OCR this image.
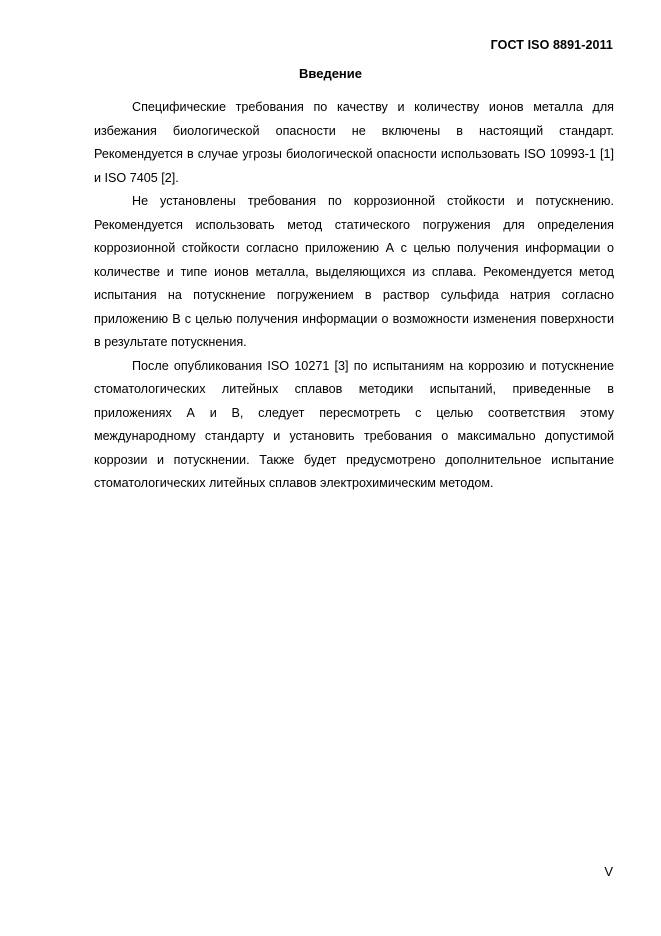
ГОСТ ISO 8891-2011
Введение

Специфические требования по качеству и количеству ионов металла для избежания биологической опасности не включены в настоящий стандарт. Рекомендуется в случае угрозы биологической опасности использовать ISO 10993-1 [1] и ISO 7405 [2].

Не установлены требования по коррозионной стойкости и потускнению. Рекомендуется использовать метод статического погружения для определения коррозионной стойкости согласно приложению А с целью получения информации о количестве и типе ионов металла, выделяющихся из сплава. Рекомендуется метод испытания на потускнение погружением в раствор сульфида натрия согласно приложению В с целью получения информации о возможности изменения поверхности в результате потускнения.

После опубликования ISO 10271 [3] по испытаниям на коррозию и потускнение стоматологических литейных сплавов методики испытаний, приведенные в приложениях А и В, следует пересмотреть с целью соответствия этому международному стандарту и установить требования о максимально допустимой коррозии и потускнении. Также будет предусмотрено дополнительное испытание стоматологических литейных сплавов электрохимическим методом.

V
